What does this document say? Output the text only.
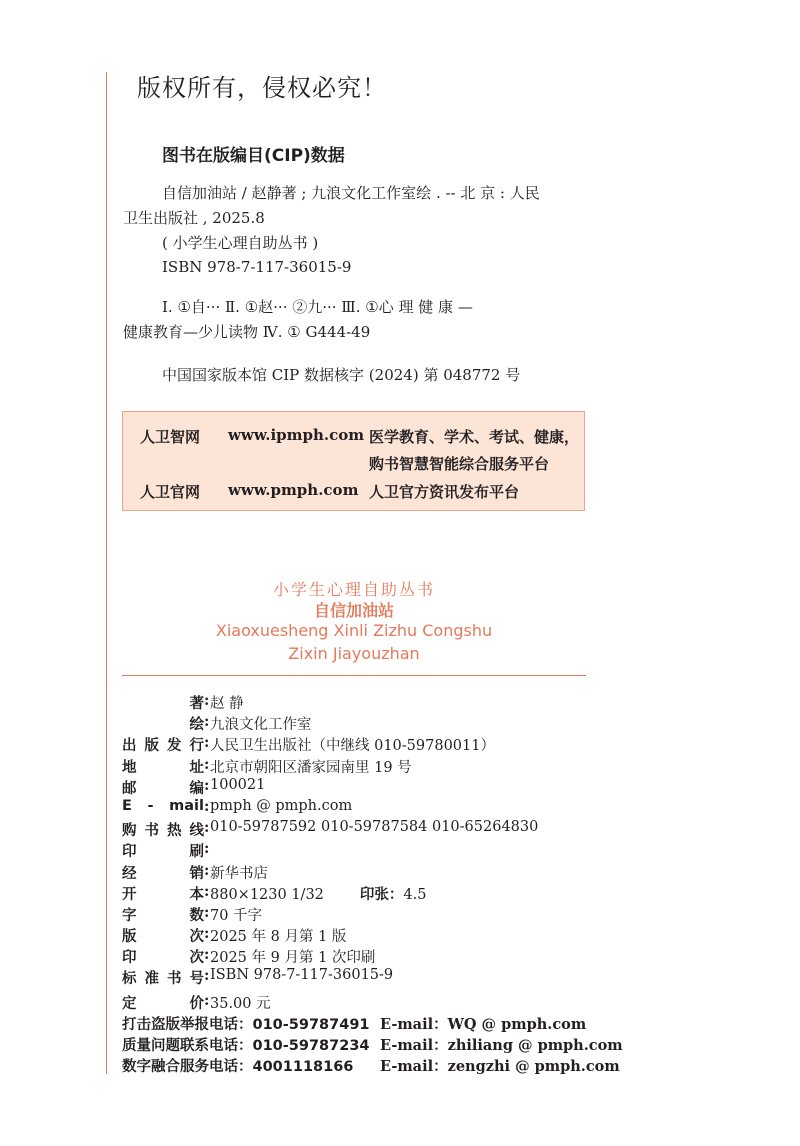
版权所有，侵权必究！
图书在版编目(CIP)数据
自信加油站 / 赵静著 ; 九浪文化工作室绘 . -- 北 京 : 人民
卫生出版社 , 2025.8
( 小学生心理自助丛书 )
ISBN 978-7-117-36015-9
Ⅰ. ①自··· Ⅱ. ①赵··· ②九··· Ⅲ. ①心 理 健 康 —
健康教育—少儿读物 Ⅳ. ① G444-49
中国国家版本馆 CIP 数据核字 (2024) 第 048772 号
人卫智网 www.ipmph.com 医学教育、学术、考试、健康，
购书智慧智能综合服务平台
人卫官网 www.pmph.com 人卫官方资讯发布平台
小学生心理自助丛书
自信加油站
Xiaoxuesheng Xinli Zizhu Congshu
Zixin Jiayouzhan
著 : 赵 静
绘 : 九浪文化工作室
出版发行 : 人民卫生出版社（中继线 010-59780011）
地址 : 北京市朝阳区潘家园南里 19 号
邮编 : 100021
E - mail : pmph @ pmph.com
购书热线 : 010-59787592 010-59787584 010-65264830
印刷 :
经销 : 新华书店
开本 : 880×1230 1/32 印张：4.5
字数 : 70 千字
版次 : 2025 年 8 月第 1 版
印次 : 2025 年 9 月第 1 次印刷
标准书号 : ISBN 978-7-117-36015-9
定价 : 35.00 元
打击盗版举报电话：010-59787491 E-mail：WQ @ pmph.com
质量问题联系电话：010-59787234 E-mail：zhiliang @ pmph.com
数字融合服务电话：4001118166 E-mail：zengzhi @ pmph.com
